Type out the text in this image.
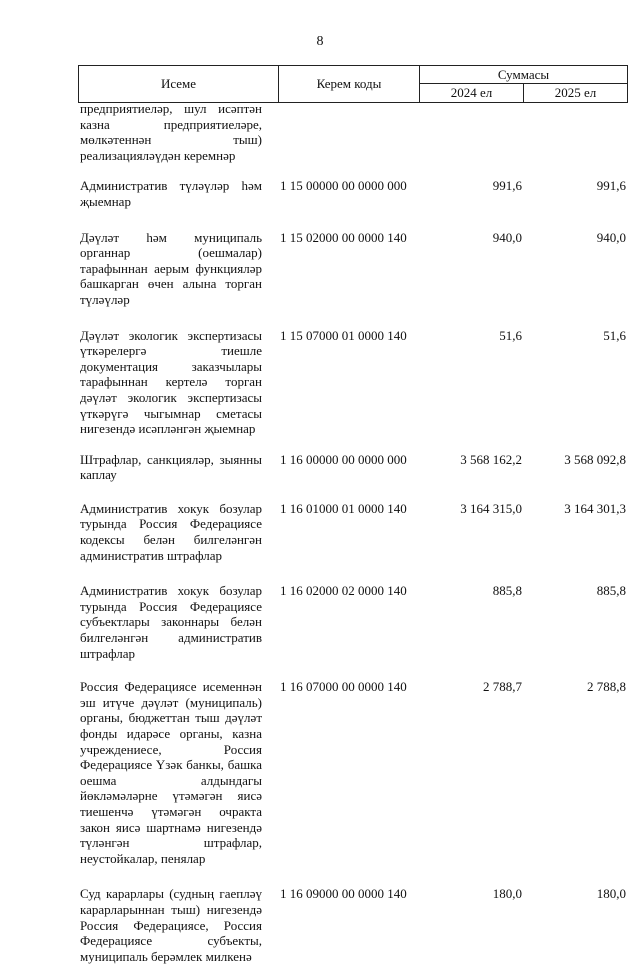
8
Исеме	Керем коды
Суммасы
2024 ел	2025 ел
предприятиеләр, шул исәптән
казна предприятиеләре,
мөлкәтеннән тыш)
реализацияләүдән керемнәр
Административ түләүләр һәм
җыемнар
1 15 00000 00 0000 000	991,6	991,6
Дәүләт һәм муниципаль
органнар (оешмалар)
тарафыннан аерым функцияләр
башкарган өчен алына торган
түләүләр
1 15 02000 00 0000 140	940,0	940,0
Дәүләт экологик экспертизасы
үткәрелергә тиешле
документация заказчылары
тарафыннан кертелә торган
дәүләт экологик экспертизасы
үткәрүгә чыгымнар сметасы
нигезендә исәпләнгән җыемнар
1 15 07000 01 0000 140	51,6	51,6
Штрафлар, санкцияләр, зыянны
каплау
1 16 00000 00 0000 000	3 568 162,2	3 568 092,8
Административ хокук бозулар
турында Россия Федерациясе
кодексы белән билгеләнгән
административ штрафлар
1 16 01000 01 0000 140	3 164 315,0	3 164 301,3
Административ хокук бозулар
турында Россия Федерациясе
субъектлары законнары белән
билгеләнгән административ
штрафлар
1 16 02000 02 0000 140	885,8	885,8
Россия Федерациясе исеменнән
эш итүче дәүләт (муниципаль)
органы, бюджеттан тыш дәүләт
фонды идарәсе органы, казна
учреждениесе, Россия
Федерациясе Үзәк банкы, башка
оешма алдындагы
йөкләмәләрне үтәмәгән яисә
тиешенчә үтәмәгән очракта
закон яисә шартнамә нигезендә
түләнгән штрафлар,
неустойкалар, пенялар
1 16 07000 00 0000 140	2 788,7	2 788,8
Суд карарлары (судның гаепләү
карарларыннан тыш) нигезендә
Россия Федерациясе, Россия
Федерациясе субъекты,
муниципаль берәмлек милкенә
1 16 09000 00 0000 140	180,0	180,0
